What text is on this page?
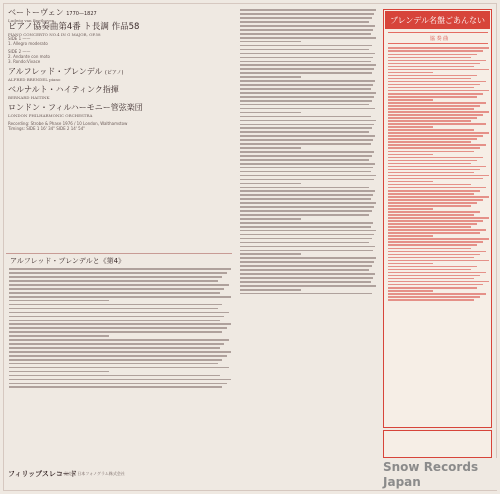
ベートーヴェン 1770—1827
Ludwig van Beethoven
ピアノ協奏曲第4番 ト長調 作品58
PIANO CONCERTO NO.4 IN G MAJOR, OP.58
SIDE 1 ——
1. Allegro moderato
SIDE 2 ——
2. Andante con moto
3. Rondo:Vivace
アルフレッド・ブレンデル (ピアノ)
ALFRED BRENDEL piano
ベルナルト・ハイティンク指揮
BERNARD HAITINK
ロンドン・フィルハーモニー管弦楽団
LONDON PHILHARMONIC ORCHESTRA
Recording: Strobe & Phase 1976 / 10 London, Walthamstow
Timings: SIDE 1 16' 34" SIDE 2 14' 54"
アルフレッド・ブレンデルと《第4》
ブレンデル名盤ごあんない
協 奏 曲
フィリップスレコード
発売元 日本フォノグラム株式会社	Snow Records
Japan
